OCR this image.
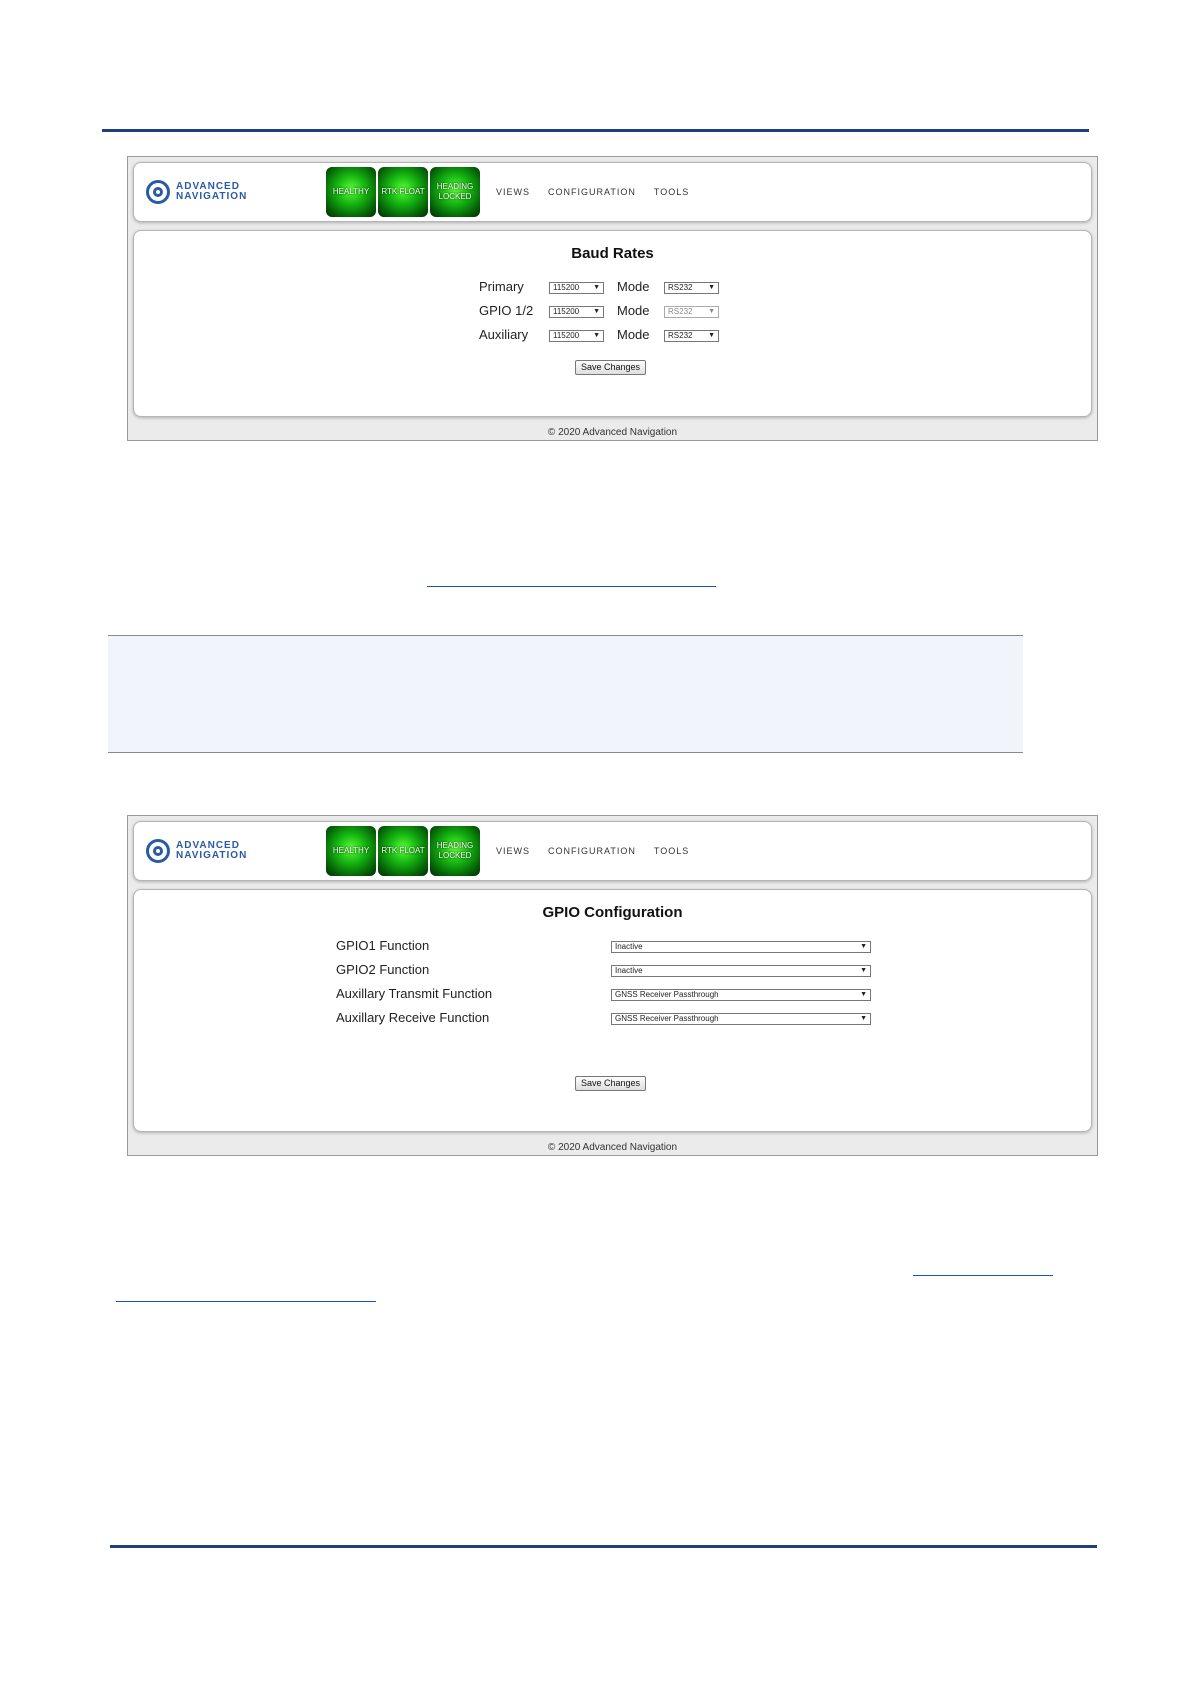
ADVANCED
NAVIGATION	HEALTHY	RTK FLOAT
HEADING LOCKED	VIEWS CONFIGURATION TOOLS
Baud Rates
Primary	115200 ▼ Mode	RS232 ▼
GPIO 1/2	115200 ▼ Mode	RS232 ▼
Auxiliary	115200 ▼ Mode	RS232 ▼
Save Changes
© 2020 Advanced Navigation
ADVANCED
NAVIGATION	HEALTHY	RTK FLOAT
HEADING LOCKED	VIEWS CONFIGURATION TOOLS
GPIO Configuration
GPIO1 Function	Inactive	▼
GPIO2 Function	Inactive	▼
Auxillary Transmit Function	GNSS Receiver Passthrough	▼
Auxillary Receive Function	GNSS Receiver Passthrough	▼
Save Changes
© 2020 Advanced Navigation
